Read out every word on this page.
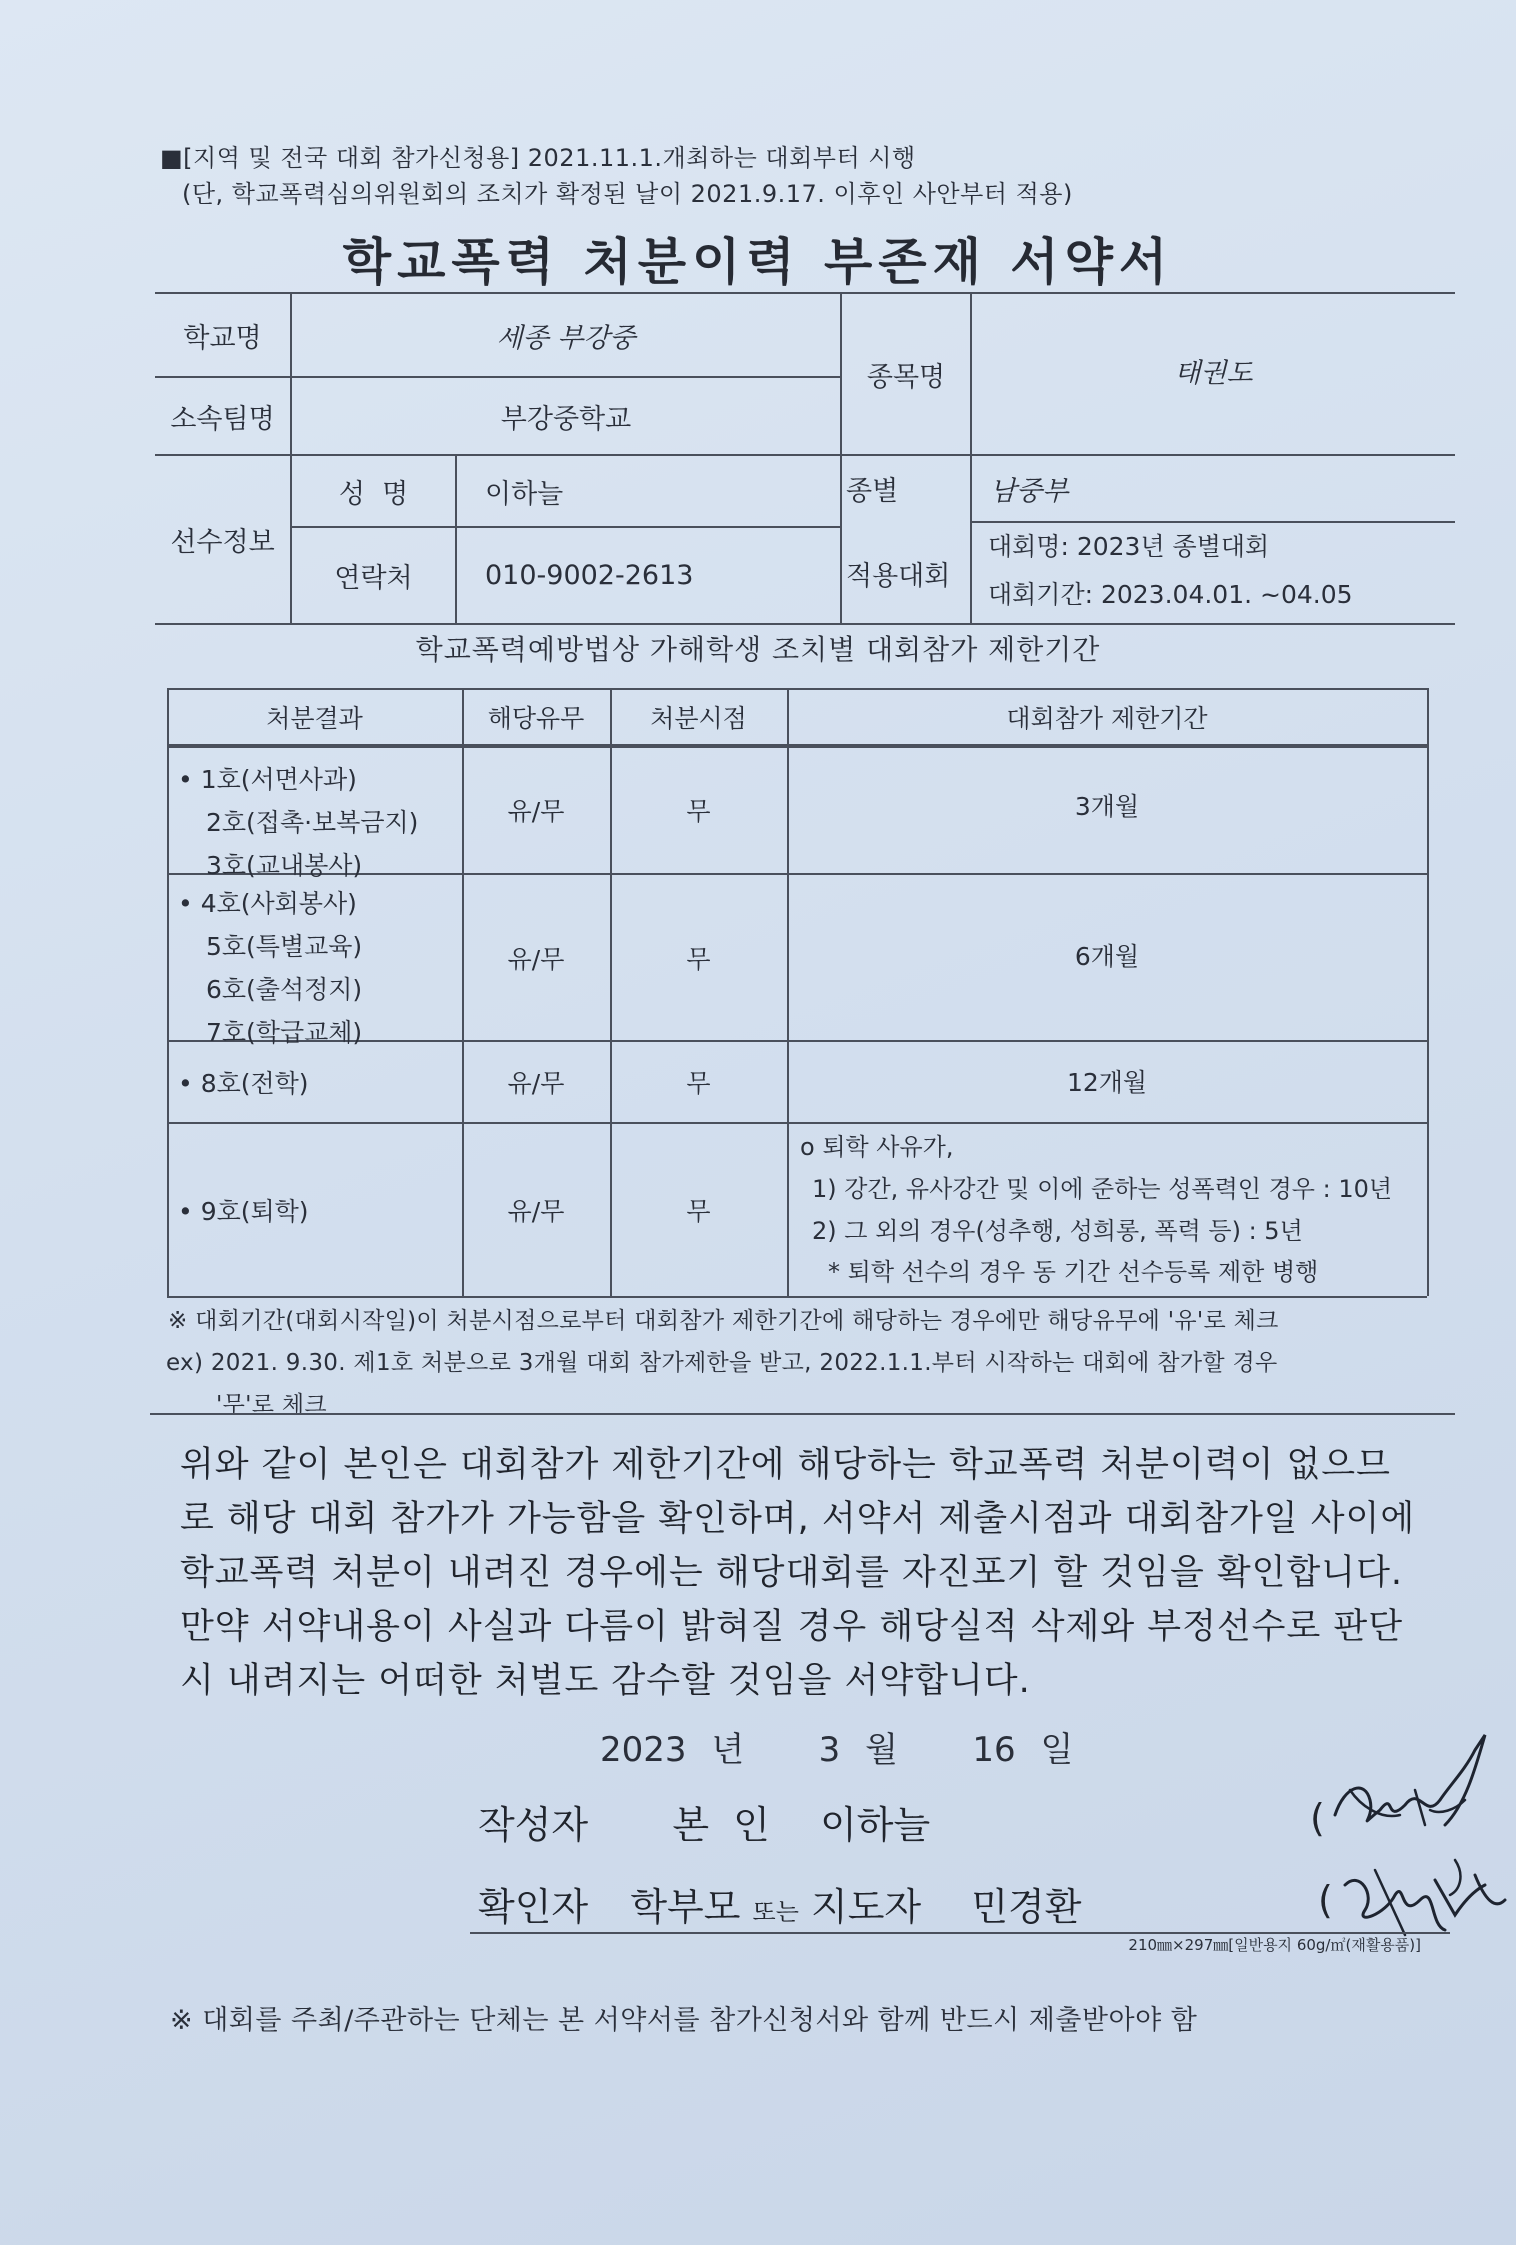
■[지역 및 전국 대회 참가신청용] 2021.11.1.개최하는 대회부터 시행
(단, 학교폭력심의위원회의 조치가 확정된 날이 2021.9.17. 이후인 사안부터 적용)
학교폭력 처분이력 부존재 서약서
학교명	세종 부강중
소속팀명	부강중학교
종목명	태권도
선수정보
성  명	이하늘
연락처	010-9002-2613
종별	남중부
적용대회
대회명: 2023년 종별대회
대회기간: 2023.04.01. ~04.05
학교폭력예방법상 가해학생 조치별 대회참가 제한기간
처분결과	해당유무	처분시점	대회참가 제한기간
• 1호(서면사과)
2호(접촉·보복금지)
3호(교내봉사)
유/무	무	3개월
• 4호(사회봉사)
5호(특별교육)
6호(출석정지)
7호(학급교체)
유/무	무	6개월
• 8호(전학)	유/무	무	12개월
• 9호(퇴학)	유/무	무
o 퇴학 사유가,
1) 강간, 유사강간 및 이에 준하는 성폭력인 경우 : 10년
2) 그 외의 경우(성추행, 성희롱, 폭력 등) : 5년
* 퇴학 선수의 경우 동 기간 선수등록 제한 병행
※ 대회기간(대회시작일)이 처분시점으로부터 대회참가 제한기간에 해당하는 경우에만 해당유무에 '유'로 체크
ex) 2021. 9.30. 제1호 처분으로 3개월 대회 참가제한을 받고, 2022.1.1.부터 시작하는 대회에 참가할 경우
'무'로 체크
위와 같이 본인은 대회참가 제한기간에 해당하는 학교폭력 처분이력이 없으므로 해당 대회 참가가 가능함을 확인하며, 서약서 제출시점과 대회참가일 사이에 학교폭력 처분이 내려진 경우에는 해당대회를 자진포기 할 것임을 확인합니다. 만약 서약내용이 사실과 다름이 밝혀질 경우 해당실적 삭제와 부정선수로 판단 시 내려지는 어떠한 처벌도 감수할 것임을 서약합니다.
2023 년 3 월 16 일
작성자 본  인 이하늘	(
확인자 학부모 또는 지도자 민경환	(
210㎜×297㎜[일반용지 60g/㎡(재활용품)]
※ 대회를 주최/주관하는 단체는 본 서약서를 참가신청서와 함께 반드시 제출받아야 함
